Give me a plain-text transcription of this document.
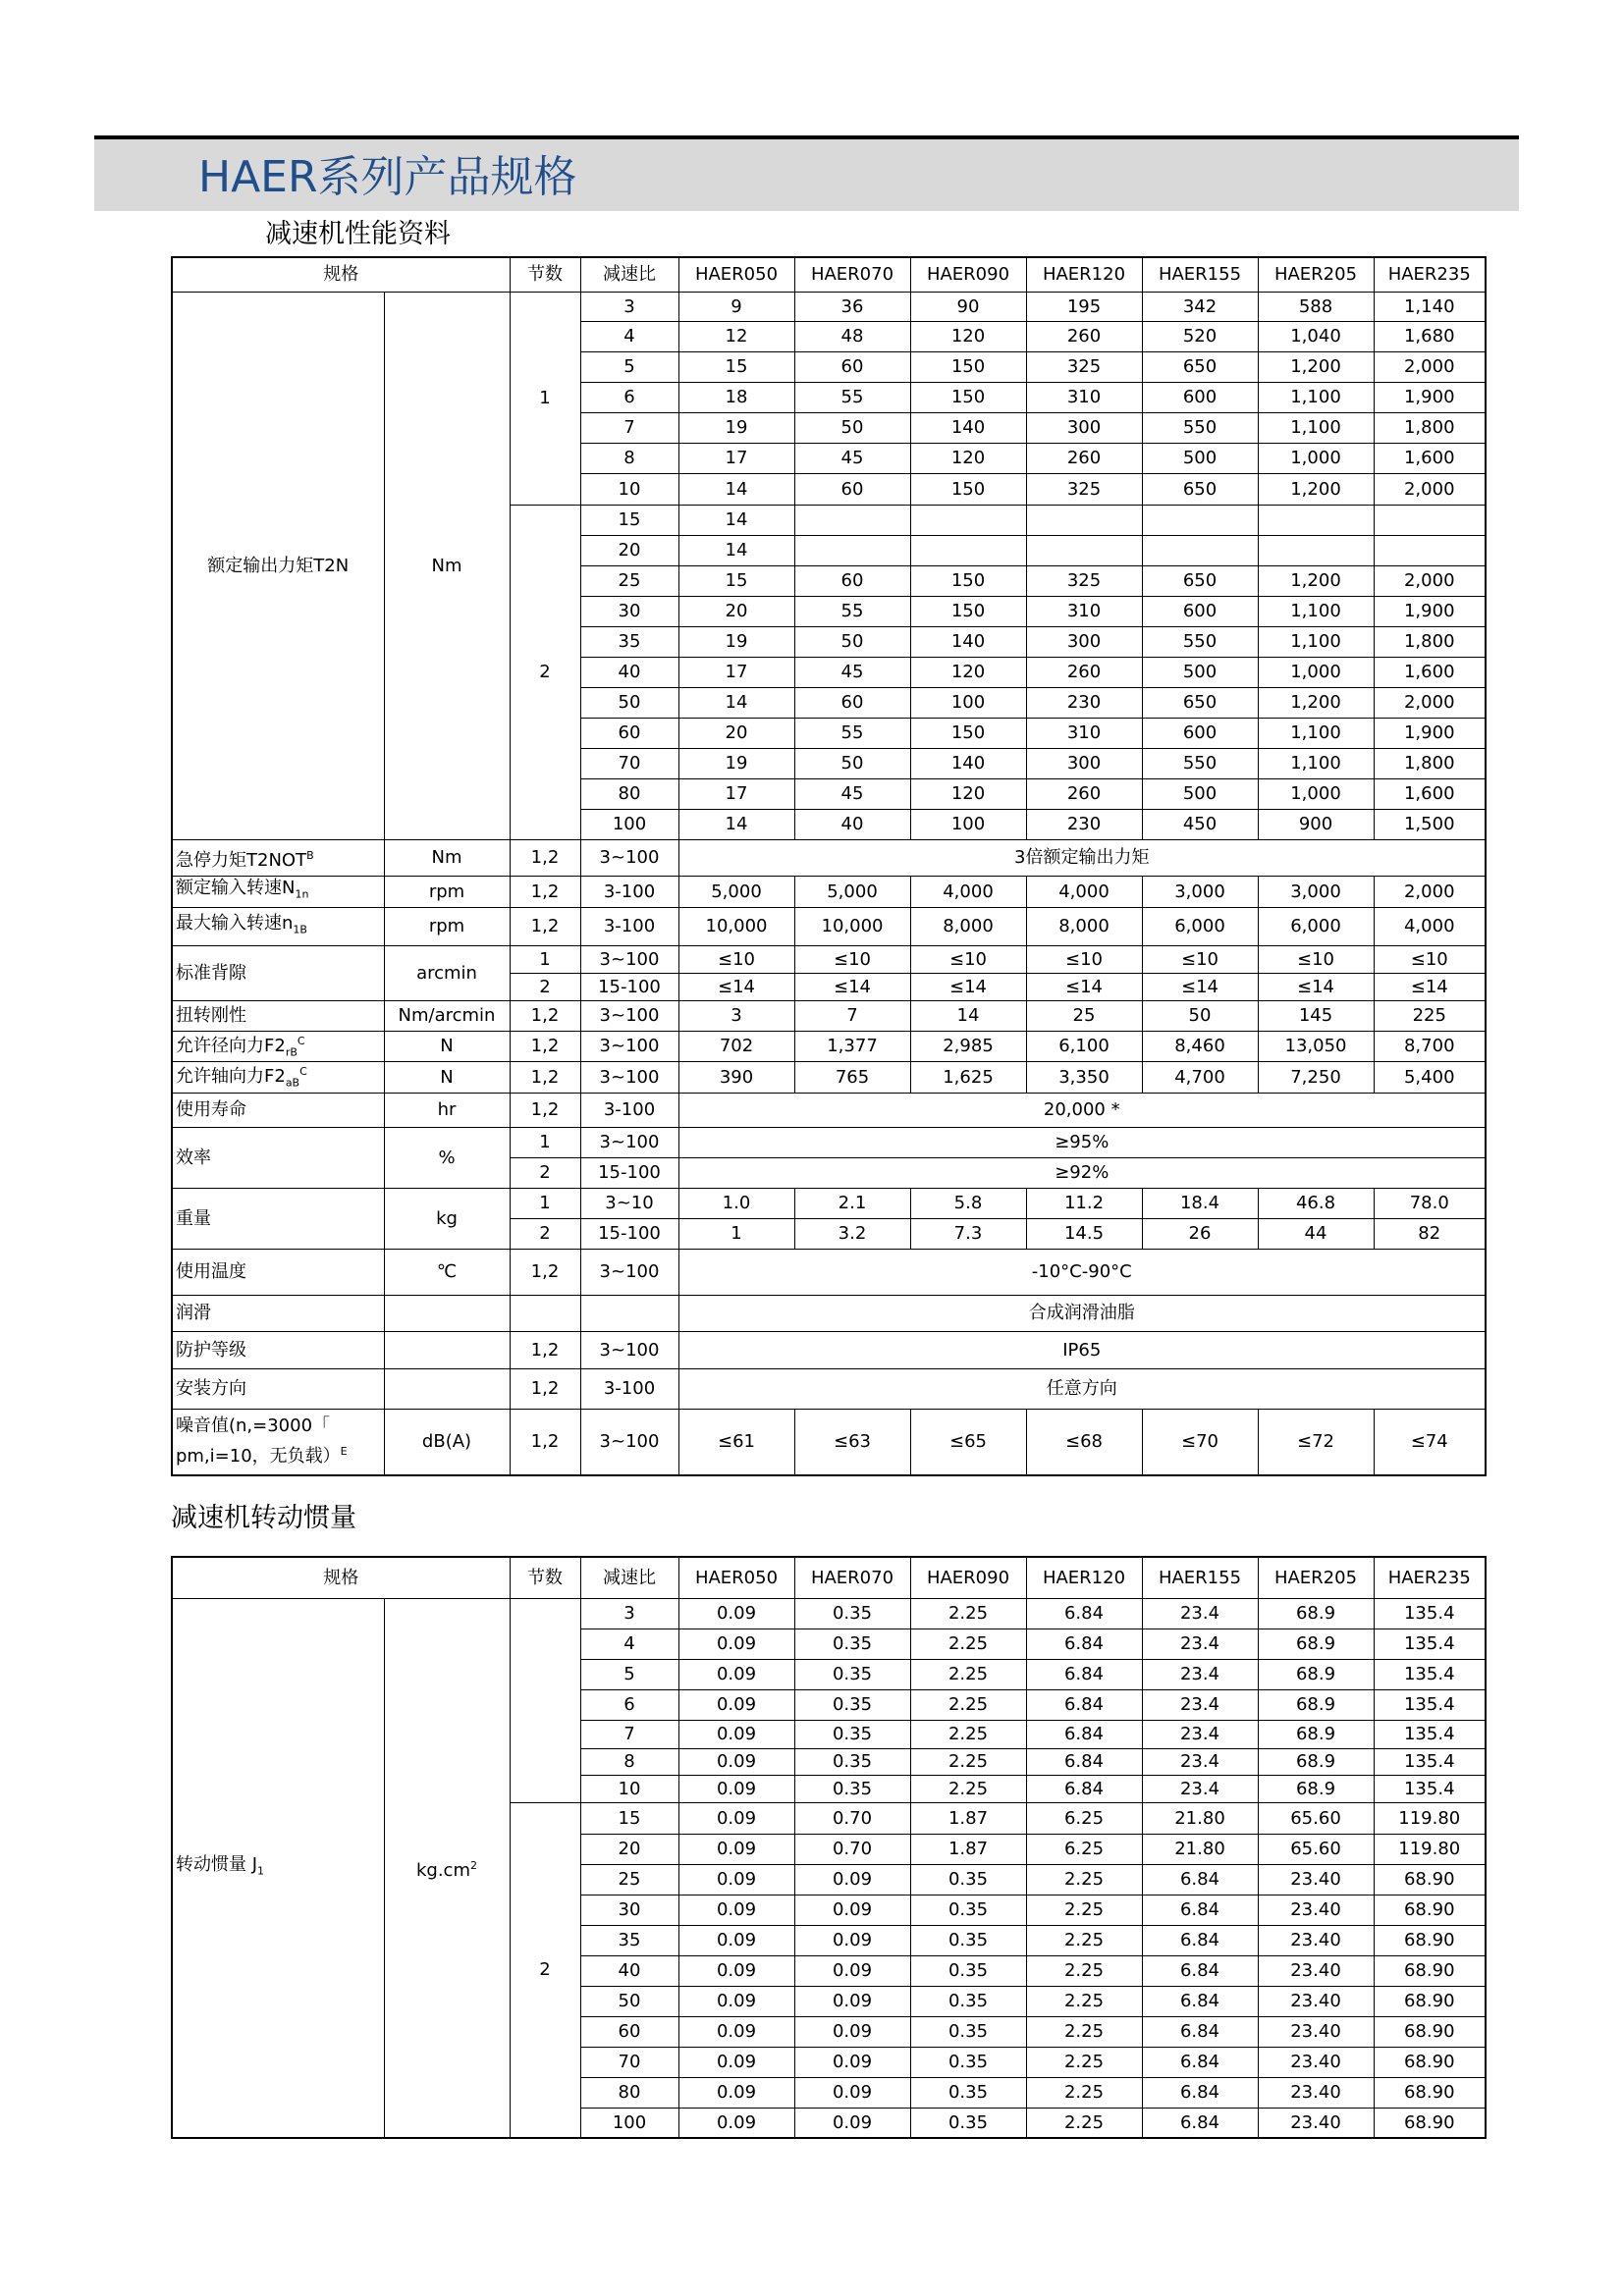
HAER系列产品规格
减速机性能资料
规格		节数	减速比	HAER050	HAER070	HAER090	HAER120	HAER155	HAER205	HAER235
额定输出力矩T2N	Nm	1	3	9	36	90	195	342	588	1,140
			4	12	48	120	260	520	1,040	1,680
			5	15	60	150	325	650	1,200	2,000
			6	18	55	150	310	600	1,100	1,900
			7	19	50	140	300	550	1,100	1,800
			8	17	45	120	260	500	1,000	1,600
			10	14	60	150	325	650	1,200	2,000
		2	15	14						
			20	14						
			25	15	60	150	325	650	1,200	2,000
			30	20	55	150	310	600	1,100	1,900
			35	19	50	140	300	550	1,100	1,800
			40	17	45	120	260	500	1,000	1,600
			50	14	60	100	230	650	1,200	2,000
			60	20	55	150	310	600	1,100	1,900
			70	19	50	140	300	550	1,100	1,800
			80	17	45	120	260	500	1,000	1,600
			100	14	40	100	230	450	900	1,500
急停力矩$T2NOT^B$	Nm	1,2	3~100	3倍额定输出力矩						
额定输入转速$N_{1n}$	rpm	1,2	3-100	5,000	5,000	4,000	4,000	3,000	3,000	2,000
最大输入转速$n_{1B}$	rpm	1,2	3-100	10,000	10,000	8,000	8,000	6,000	6,000	4,000
标准背隙	arcmin	1	3~100	≤10	≤10	≤10	≤10	≤10	≤10	≤10
		2	15-100	≤14	≤14	≤14	≤14	≤14	≤14	≤14
扭转刚性	Nm/arcmin	1,2	3~100	3	7	14	25	50	145	225
允许径向力$F2_{rB}^C$	N	1,2	3~100	702	1,377	2,985	6,100	8,460	13,050	8,700
允许轴向力$F2_{aB}^C$	N	1,2	3~100	390	765	1,625	3,350	4,700	7,250	5,400
使用寿命	hr	1,2	3-100	20,000 *						
效率	%	1	3~100	≥95%						
		2	15-100	≥92%						
重量	kg	1	3~10	1.0	2.1	5.8	11.2	18.4	46.8	78.0
		2	15-100	1	3.2	7.3	14.5	26	44	82
使用温度	℃	1,2	3~100	-10°C-90°C						
润滑				合成润滑油脂						
防护等级		1,2	3~100	IP65						
安装方向		1,2	3-100	任意方向						
噪音值(n,=3000「
pm,i=10，无负载）$^E$	dB(A)	1,2	3~100	≤61	≤63	≤65	≤68	≤70	≤72	≤74
减速机转动惯量
规格		节数	减速比	HAER050	HAER070	HAER090	HAER120	HAER155	HAER205	HAER235
转动惯量 $J_1$	$kg.cm^2$		3	0.09	0.35	2.25	6.84	23.4	68.9	135.4
			4	0.09	0.35	2.25	6.84	23.4	68.9	135.4
			5	0.09	0.35	2.25	6.84	23.4	68.9	135.4
			6	0.09	0.35	2.25	6.84	23.4	68.9	135.4
			7	0.09	0.35	2.25	6.84	23.4	68.9	135.4
			8	0.09	0.35	2.25	6.84	23.4	68.9	135.4
			10	0.09	0.35	2.25	6.84	23.4	68.9	135.4
		2	15	0.09	0.70	1.87	6.25	21.80	65.60	119.80
			20	0.09	0.70	1.87	6.25	21.80	65.60	119.80
			25	0.09	0.09	0.35	2.25	6.84	23.40	68.90
			30	0.09	0.09	0.35	2.25	6.84	23.40	68.90
			35	0.09	0.09	0.35	2.25	6.84	23.40	68.90
			40	0.09	0.09	0.35	2.25	6.84	23.40	68.90
			50	0.09	0.09	0.35	2.25	6.84	23.40	68.90
			60	0.09	0.09	0.35	2.25	6.84	23.40	68.90
			70	0.09	0.09	0.35	2.25	6.84	23.40	68.90
			80	0.09	0.09	0.35	2.25	6.84	23.40	68.90
			100	0.09	0.09	0.35	2.25	6.84	23.40	68.90
